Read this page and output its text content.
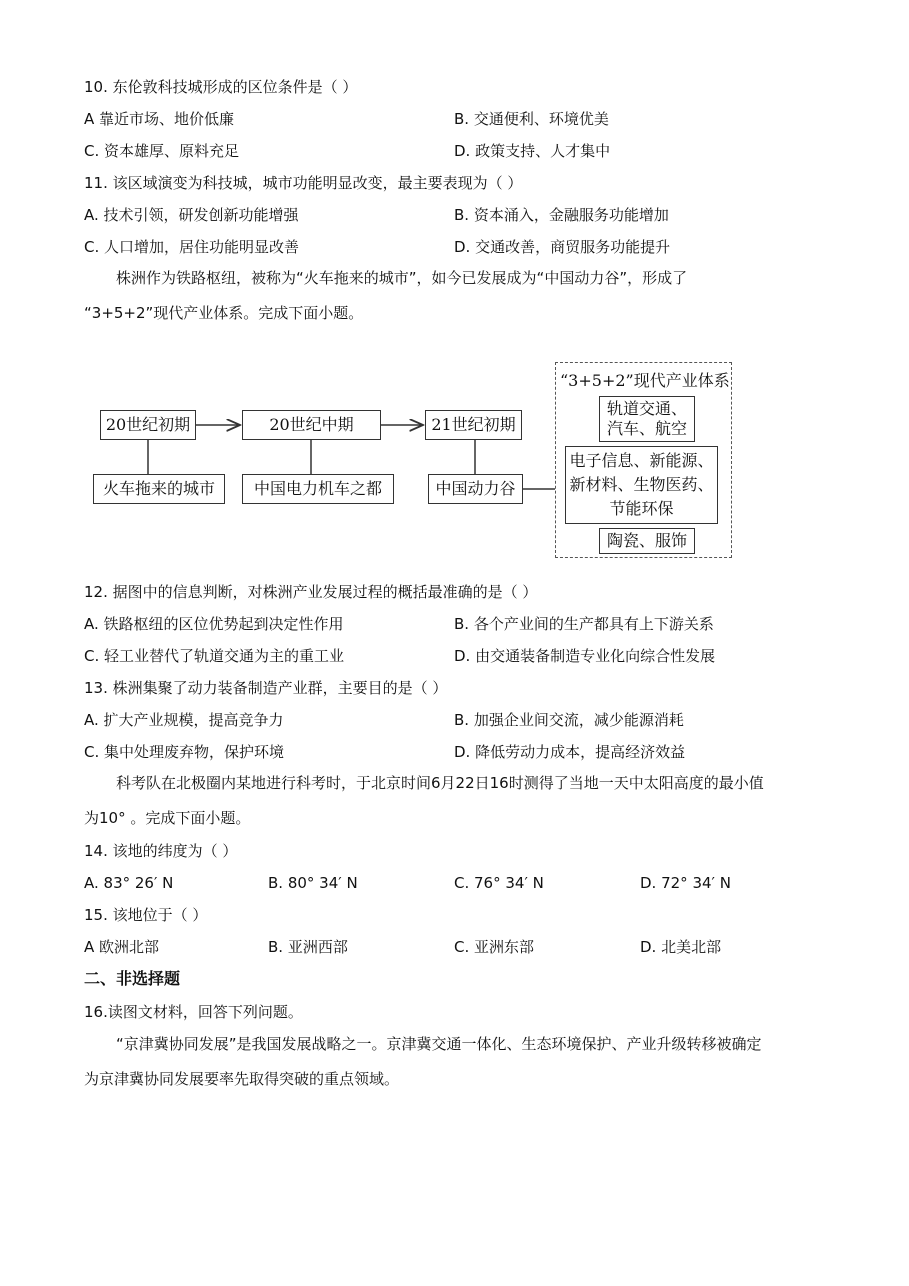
10. 东伦敦科技城形成的区位条件是（ ）
A 靠近市场、地价低廉	B. 交通便利、环境优美
C. 资本雄厚、原料充足	D. 政策支持、人才集中
11. 该区域演变为科技城，城市功能明显改变，最主要表现为（ ）
A. 技术引领，研发创新功能增强	B. 资本涌入，金融服务功能增加
C. 人口增加，居住功能明显改善	D. 交通改善，商贸服务功能提升
株洲作为铁路枢纽，被称为“火车拖来的城市”，如今已发展成为“中国动力谷”，形成了
“3+5+2”现代产业体系。完成下面小题。
20世纪初期	20世纪中期	21世纪初期
火车拖来的城市	中国电力机车之都	中国动力谷
“3+5+2”现代产业体系
轨道交通、
汽车、航空
电子信息、新能源、
新材料、生物医药、
节能环保
陶瓷、服饰
12. 据图中的信息判断，对株洲产业发展过程的概括最准确的是（ ）
A. 铁路枢纽的区位优势起到决定性作用	B. 各个产业间的生产都具有上下游关系
C. 轻工业替代了轨道交通为主的重工业	D. 由交通装备制造专业化向综合性发展
13. 株洲集聚了动力装备制造产业群，主要目的是（ ）
A. 扩大产业规模，提高竞争力	B. 加强企业间交流，减少能源消耗
C. 集中处理废弃物，保护环境	D. 降低劳动力成本，提高经济效益
科考队在北极圈内某地进行科考时，于北京时间6月22日16时测得了当地一天中太阳高度的最小值
为10° 。完成下面小题。
14. 该地的纬度为（ ）
A. 83° 26′ N	B. 80° 34′ N	C. 76° 34′ N	D. 72° 34′ N
15. 该地位于（ ）
A 欧洲北部	B. 亚洲西部	C. 亚洲东部	D. 北美北部
二、非选择题
16.读图文材料，回答下列问题。
“京津冀协同发展”是我国发展战略之一。京津冀交通一体化、生态环境保护、产业升级转移被确定
为京津冀协同发展要率先取得突破的重点领域。
